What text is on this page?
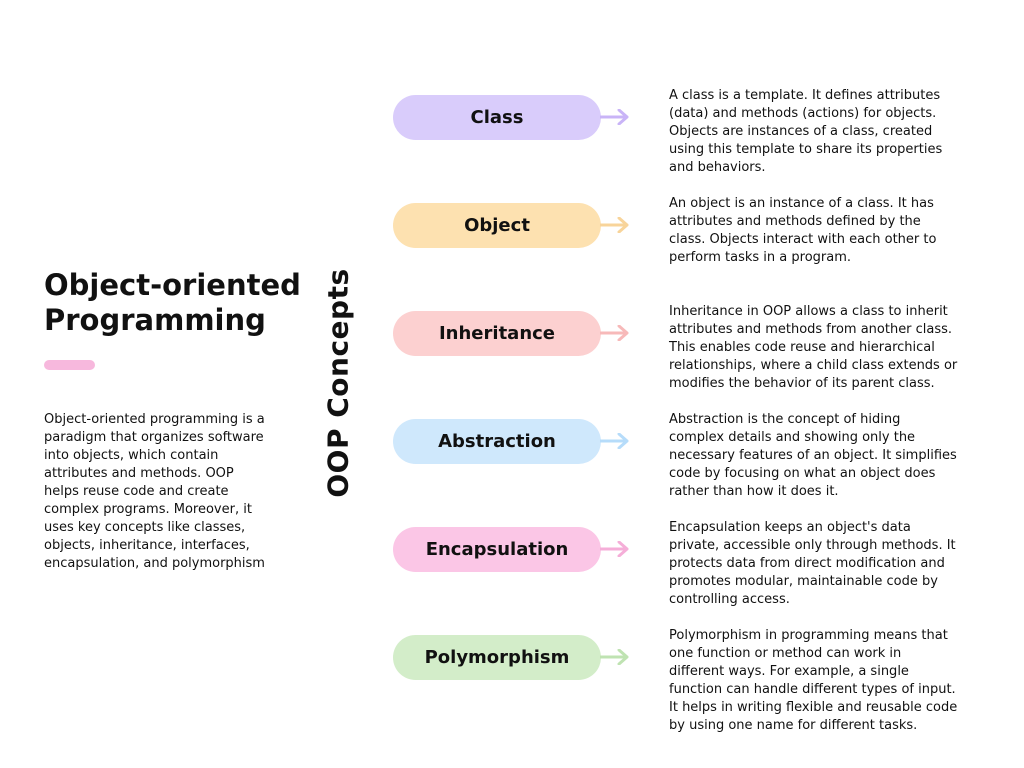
Object-oriented
Programming

Object-oriented programming is a paradigm that organizes software into objects, which contain attributes and methods. OOP helps reuse code and create complex programs. Moreover, it uses key concepts like classes, objects, inheritance, interfaces, encapsulation, and polymorphism

OOP Concepts
Class

A class is a template. It defines attributes (data) and methods (actions) for objects. Objects are instances of a class, created using this template to share its properties and behaviors.

Object

An object is an instance of a class. It has attributes and methods defined by the class. Objects interact with each other to perform tasks in a program.

Inheritance

Inheritance in OOP allows a class to inherit attributes and methods from another class. This enables code reuse and hierarchical relationships, where a child class extends or modifies the behavior of its parent class.

Abstraction

Abstraction is the concept of hiding complex details and showing only the necessary features of an object. It simplifies code by focusing on what an object does rather than how it does it.

Encapsulation

Encapsulation keeps an object's data private, accessible only through methods. It protects data from direct modification and promotes modular, maintainable code by controlling access.

Polymorphism

Polymorphism in programming means that one function or method can work in different ways. For example, a single function can handle different types of input. It helps in writing flexible and reusable code by using one name for different tasks.
